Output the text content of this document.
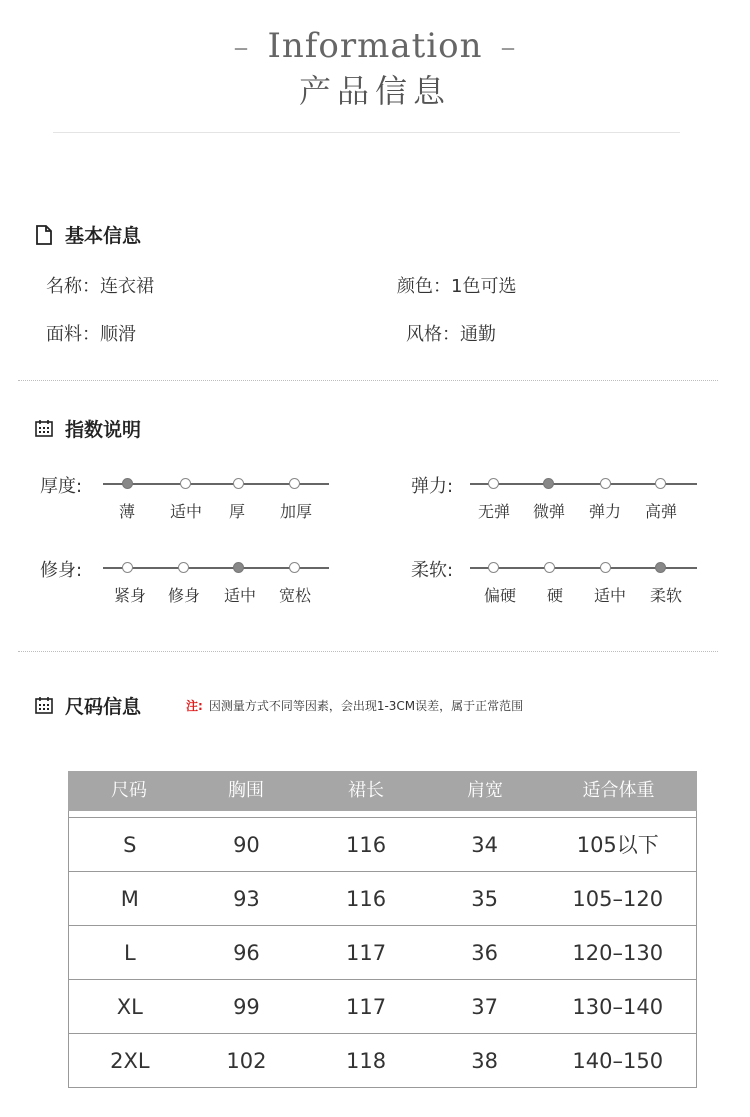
– Information –
产品信息
基本信息
名称：连衣裙	颜色：1色可选
面料：顺滑	风格：通勤
指数说明
厚度:
薄	适中	厚	加厚
弹力:
无弹	微弹	弹力	高弹
修身:
紧身	修身	适中	宽松
柔软:
偏硬	硬	适中	柔软
尺码信息	注: 因测量方式不同等因素，会出现1-3CM误差，属于正常范围
尺码	胸围	裙长	肩宽	适合体重
S	90	116	34	105以下
M	93	116	35	105–120
L	96	117	36	120–130
XL	99	117	37	130–140
2XL	102	118	38	140–150
